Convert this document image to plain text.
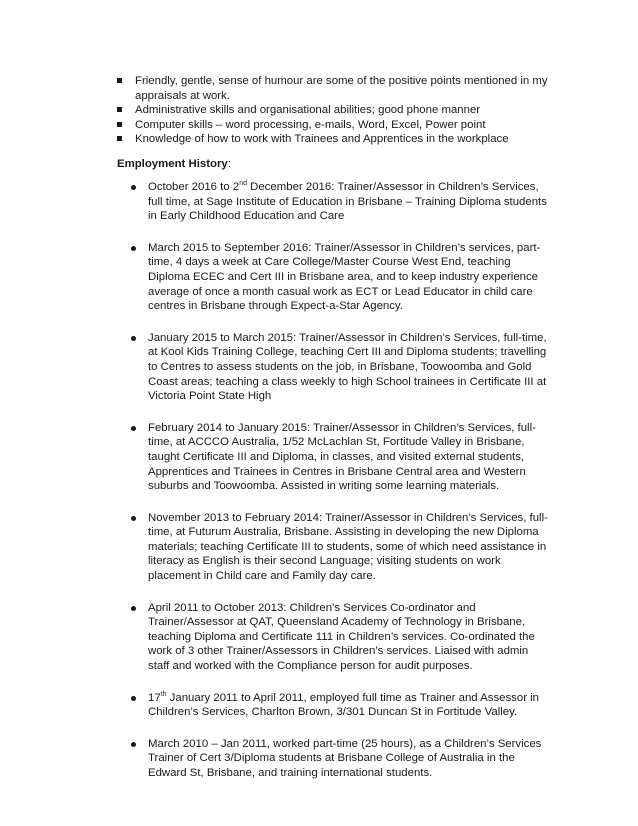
Friendly, gentle, sense of humour are some of the positive points mentioned in my appraisals at work.
Administrative skills and organisational abilities; good phone manner
Computer skills – word processing, e-mails, Word, Excel, Power point
Knowledge of how to work with Trainees and Apprentices in the workplace
Employment History:
October 2016 to 2nd December 2016: Trainer/Assessor in Children’s Services, full time, at Sage Institute of Education in Brisbane – Training Diploma students in Early Childhood Education and Care
March 2015 to September 2016: Trainer/Assessor in Children’s services, part-time, 4 days a week at Care College/Master Course West End, teaching Diploma ECEC and Cert III in Brisbane area, and to keep industry experience average of once a month casual work as ECT or Lead Educator in child care centres in Brisbane through Expect-a-Star Agency.
January 2015 to March 2015: Trainer/Assessor in Children’s Services, full-time, at Kool Kids Training College, teaching Cert III and Diploma students; travelling to Centres to assess students on the job, in Brisbane, Toowoomba and Gold Coast areas; teaching a class weekly to high School trainees in Certificate III at Victoria Point State High
February 2014 to January 2015: Trainer/Assessor in Children’s Services, full-time, at ACCCO Australia, 1/52 McLachlan St, Fortitude Valley in Brisbane, taught Certificate III and Diploma, in classes, and visited external students, Apprentices and Trainees in Centres in Brisbane Central area and Western suburbs and Toowoomba. Assisted in writing some learning materials.
November 2013 to February 2014: Trainer/Assessor in Children’s Services, full-time, at Futurum Australia, Brisbane. Assisting in developing the new Diploma materials; teaching Certificate III to students, some of which need assistance in literacy as English is their second Language; visiting students on work placement in Child care and Family day care.
April 2011 to October 2013: Children’s Services Co-ordinator and Trainer/Assessor at QAT, Queensland Academy of Technology in Brisbane, teaching Diploma and Certificate 111 in Children’s services. Co-ordinated the work of 3 other Trainer/Assessors in Children’s services. Liaised with admin staff and worked with the Compliance person for audit purposes.
17th January 2011 to April 2011, employed full time as Trainer and Assessor in Children’s Services, Charlton Brown, 3/301 Duncan St in Fortitude Valley.
March 2010 – Jan 2011, worked part-time (25 hours), as a Children’s Services Trainer of Cert 3/Diploma students at Brisbane College of Australia in the Edward St, Brisbane, and training international students.
